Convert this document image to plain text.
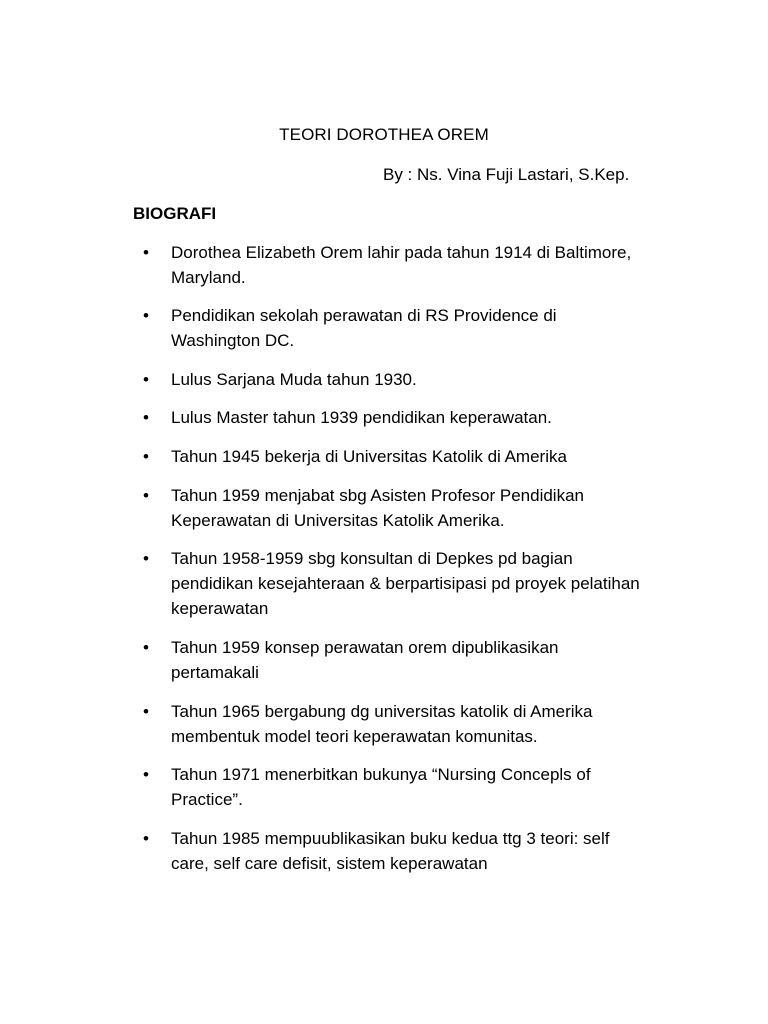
TEORI DOROTHEA OREM
By : Ns. Vina Fuji Lastari, S.Kep.
BIOGRAFI
• Dorothea Elizabeth Orem lahir pada tahun 1914 di Baltimore, Maryland.
• Pendidikan sekolah perawatan di RS Providence di Washington DC.
• Lulus Sarjana Muda tahun 1930.
• Lulus Master tahun 1939 pendidikan keperawatan.
• Tahun 1945 bekerja di Universitas Katolik di Amerika
• Tahun 1959 menjabat sbg Asisten Profesor Pendidikan Keperawatan di Universitas Katolik Amerika.
• Tahun 1958-1959 sbg konsultan di Depkes pd bagian pendidikan kesejahteraan & berpartisipasi pd proyek pelatihan keperawatan
• Tahun 1959 konsep perawatan orem dipublikasikan pertamakali
• Tahun 1965 bergabung dg universitas katolik di Amerika membentuk model teori keperawatan komunitas.
• Tahun 1971 menerbitkan bukunya “Nursing Concepls of Practice”.
• Tahun 1985 mempuublikasikan buku kedua ttg 3 teori: self care, self care defisit, sistem keperawatan
